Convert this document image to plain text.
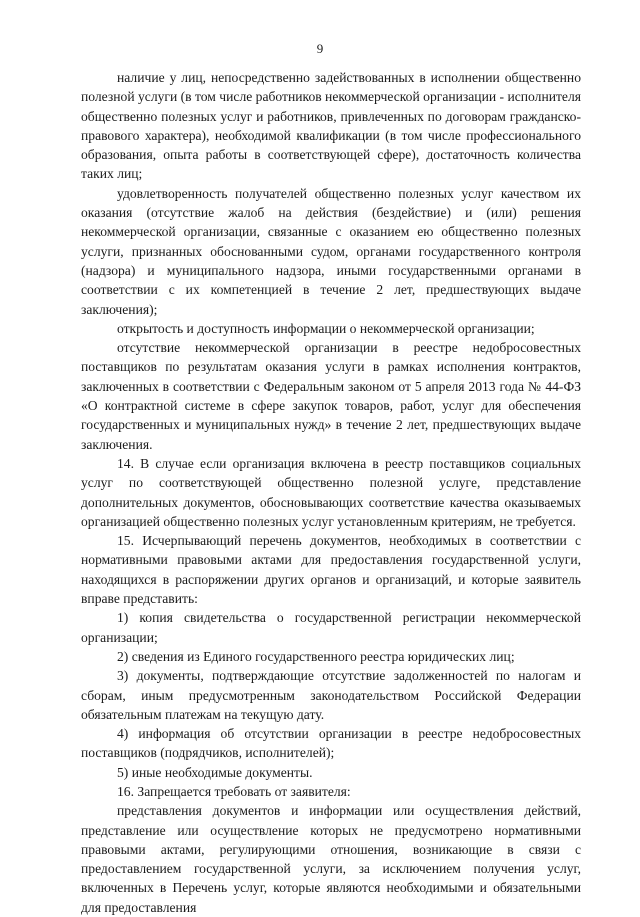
9

наличие у лиц, непосредственно задействованных в исполнении общественно полезной услуги (в том числе работников некоммерческой организации - исполнителя общественно полезных услуг и работников, привлеченных по договорам гражданско-правового характера), необходимой квалификации (в том числе профессионального образования, опыта работы в соответствующей сфере), достаточность количества таких лиц;

удовлетворенность получателей общественно полезных услуг качеством их оказания (отсутствие жалоб на действия (бездействие) и (или) решения некоммерческой организации, связанные с оказанием ею общественно полезных услуги, признанных обоснованными судом, органами государственного контроля (надзора) и муниципального надзора, иными государственными органами в соответствии с их компетенцией в течение 2 лет, предшествующих выдаче заключения);

открытость и доступность информации о некоммерческой организации;

отсутствие некоммерческой организации в реестре недобросовестных поставщиков по результатам оказания услуги в рамках исполнения контрактов, заключенных в соответствии с Федеральным законом от 5 апреля 2013 года № 44-ФЗ «О контрактной системе в сфере закупок товаров, работ, услуг для обеспечения государственных и муниципальных нужд» в течение 2 лет, предшествующих выдаче заключения.

14. В случае если организация включена в реестр поставщиков социальных услуг по соответствующей общественно полезной услуге, представление дополнительных документов, обосновывающих соответствие качества оказываемых организацией общественно полезных услуг установленным критериям, не требуется.

15. Исчерпывающий перечень документов, необходимых в соответствии с нормативными правовыми актами для предоставления государственной услуги, находящихся в распоряжении других органов и организаций, и которые заявитель вправе представить:

1) копия свидетельства о государственной регистрации некоммерческой организации;

2) сведения из Единого государственного реестра юридических лиц;

3) документы, подтверждающие отсутствие задолженностей по налогам и сборам, иным предусмотренным законодательством Российской Федерации обязательным платежам на текущую дату.

4) информация об отсутствии организации в реестре недобросовестных поставщиков (подрядчиков, исполнителей);

5) иные необходимые документы.

16. Запрещается требовать от заявителя:

представления документов и информации или осуществления действий, представление или осуществление которых не предусмотрено нормативными правовыми актами, регулирующими отношения, возникающие в связи с предоставлением государственной услуги, за исключением получения услуг, включенных в Перечень услуг, которые являются необходимыми и обязательными для предоставления
